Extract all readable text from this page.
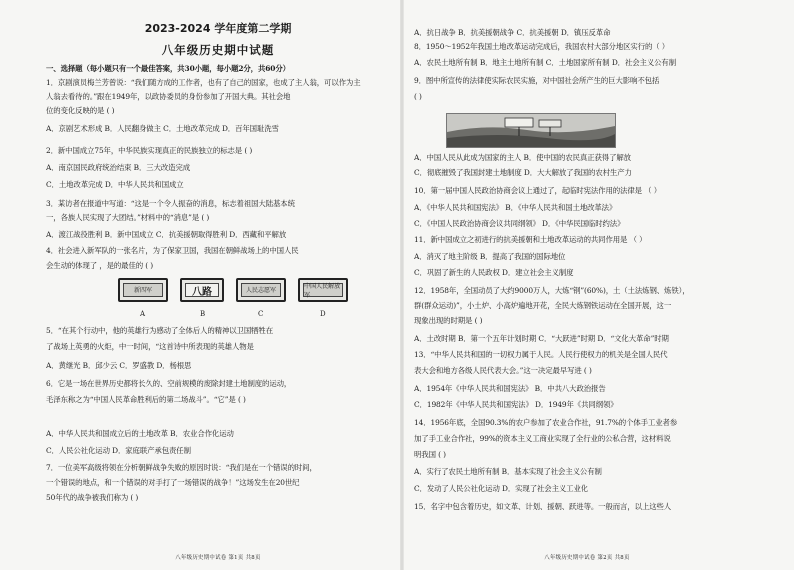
2023-2024 学年度第二学期
八年级历史期中试题
一、选择题（每小题只有一个最佳答案，共30小题，每小题2分，共60分）
1．京剧演员梅兰芳曾说：“我们随方成的工作者，也有了自己的国家，也成了主人翁，可以作为主
人翁去看待的。”跟在1949年，以政协委员的身份参加了开国大典。其社会地
位的变化反映的是 ( )
A．京剧艺术形成 B．人民翻身做主 C．土地改革完成 D．百年国耻洗雪
2．新中国成立75年，中华民族实现真正的民族独立的标志是 ( )
A．南京国民政府统治结束 B．三大改造完成
C．土地改革完成 D．中华人民共和国成立
3．某访者在报道中写道：“这是一个令人振奋的消息，标志着祖国大陆基本统
一，各族人民实现了大团结。”材料中的“消息”是 ( )
A．渡江战役胜利 B．新中国成立 C．抗美援朝取得胜利 D．西藏和平解放
4．社会进入新军队的一张名片，为了保家卫国，我国在朝鲜战场上的中国人民
会生动的体现了 ，是的最佳的 ( )
新四军	八路	人民志愿军
中国人民解放军
A	B	C	D
5．“在其个行动中，他的英雄行为感动了全体后人的精神以卫国牺牲在
了战场上英勇的火炬，中一时间，“这首诗中所表现的英雄人物是
A．黄继光 B．邱少云 C．罗盛教 D．杨根思
6．它是一场在世界历史都将长久的、空前规模的废除封建土地制度的运动，
毛泽东称之为“中国人民革命胜利后的第二场战斗”。“它”是 ( )
A．中华人民共和国成立后的土地改革 B．农业合作化运动
C．人民公社化运动 D．家庭联产承包责任制
7．一位美军高级将领在分析朝鲜战争失败的原因时说：“我们是在一个错误的时间，
一个错误的地点，和一个错误的对手打了一场错误的战争！”这场发生在20世纪
50年代的战争被我们称为 ( )
八年级历史期中试卷 第1页 共8页
A．抗日战争 B．抗美援朝战争 C．抗美援朝 D．镇压反革命
8．1950～1952年我国土地改革运动完成后，我国农村大部分地区实行的（ ）
A．农民土地所有制 B．地主土地所有制 C．土地国家所有制 D．社会主义公有制
9．图中所宣传的法律使实际农民实施，对中国社会所产生的巨大影响不包括
( )
A．中国人民从此成为国家的主人 B．使中国的农民真正获得了解放
C．彻底摧毁了我国封建土地制度 D．大大解放了我国的农村生产力
10．第一届中国人民政治协商会议上通过了，起临时宪法作用的法律是 （ ）
A．《中华人民共和国宪法》 B．《中华人民共和国土地改革法》
C．《中国人民政治协商会议共同纲领》 D．《中华民国临时约法》
11．新中国成立之初进行的抗美援朝和土地改革运动的共同作用是 （ ）
A．消灭了地主阶级 B．提高了我国的国际地位
C．巩固了新生的人民政权 D．建立社会主义制度
12．1958年，全国动员了大约9000万人，大炼“钢”(60%)，土（土法炼钢、炼铁），
群(群众运动)”，小土炉、小高炉遍地开花，全民大炼钢铁运动在全国开展，这一
现象出现的时期是 ( )
A．土改时期 B．第一个五年计划时期 C．“大跃进”时期 D．“文化大革命”时期
13．“中华人民共和国的一切权力属于人民。人民行使权力的机关是全国人民代
表大会和地方各级人民代表大会。”这一决定最早写进 ( )
A．1954年《中华人民共和国宪法》 B．中共八大政治报告
C．1982年《中华人民共和国宪法》 D．1949年《共同纲领》
14．1956年底，全国90.3%的农户参加了农业合作社，91.7%的个体手工业者参
加了手工业合作社，99%的资本主义工商业实现了全行业的公私合营，这材料说
明我国 ( )
A．实行了农民土地所有制 B．基本实现了社会主义公有制
C．发动了人民公社化运动 D．实现了社会主义工业化
15．名字中包含着历史，如文革、计划、援朝、跃进等。一般而言，以上这些人
八年级历史期中试卷 第2页 共8页
